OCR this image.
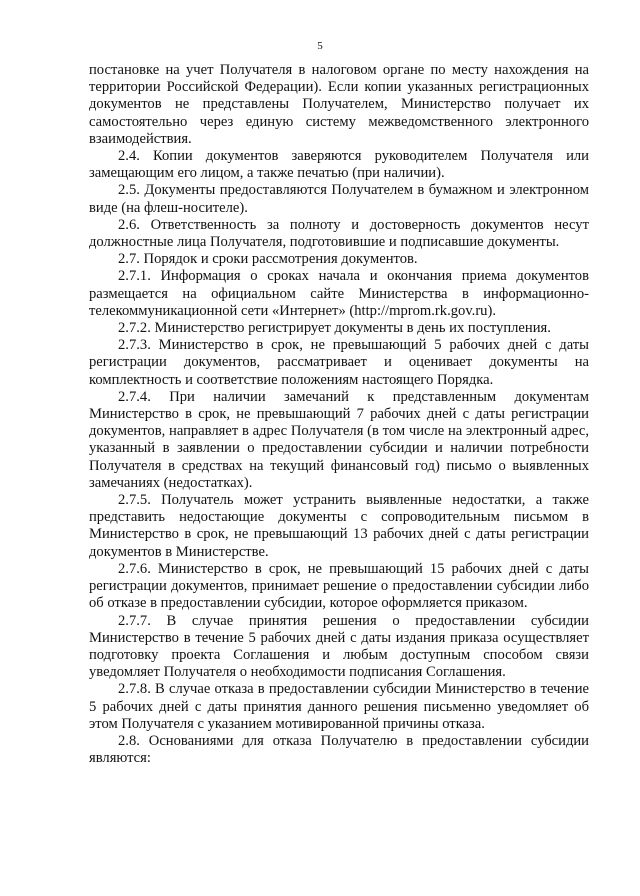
5

постановке на учет Получателя в налоговом органе по месту нахождения на территории Российской Федерации). Если копии указанных регистрационных документов не представлены Получателем, Министерство получает их самостоятельно через единую систему межведомственного электронного взаимодействия.

2.4. Копии документов заверяются руководителем Получателя или замещающим его лицом, а также печатью (при наличии).

2.5. Документы предоставляются Получателем в бумажном и электронном виде (на флеш-носителе).

2.6. Ответственность за полноту и достоверность документов несут должностные лица Получателя, подготовившие и подписавшие документы.

2.7. Порядок и сроки рассмотрения документов.

2.7.1. Информация о сроках начала и окончания приема документов размещается на официальном сайте Министерства в информационно-телекоммуникационной сети «Интернет» (http://mprom.rk.gov.ru).

2.7.2. Министерство регистрирует документы в день их поступления.

2.7.3. Министерство в срок, не превышающий 5 рабочих дней с даты регистрации документов, рассматривает и оценивает документы на комплектность и соответствие положениям настоящего Порядка.

2.7.4. При наличии замечаний к представленным документам Министерство в срок, не превышающий 7 рабочих дней с даты регистрации документов, направляет в адрес Получателя (в том числе на электронный адрес, указанный в заявлении о предоставлении субсидии и наличии потребности Получателя в средствах на текущий финансовый год) письмо о выявленных замечаниях (недостатках).

2.7.5. Получатель может устранить выявленные недостатки, а также представить недостающие документы с сопроводительным письмом в Министерство в срок, не превышающий 13 рабочих дней с даты регистрации документов в Министерстве.

2.7.6. Министерство в срок, не превышающий 15 рабочих дней с даты регистрации документов, принимает решение о предоставлении субсидии либо об отказе в предоставлении субсидии, которое оформляется приказом.

2.7.7. В случае принятия решения о предоставлении субсидии Министерство в течение 5 рабочих дней с даты издания приказа осуществляет подготовку проекта Соглашения и любым доступным способом связи уведомляет Получателя о необходимости подписания Соглашения.

2.7.8. В случае отказа в предоставлении субсидии Министерство в течение 5 рабочих дней с даты принятия данного решения письменно уведомляет об этом Получателя с указанием мотивированной причины отказа.

2.8. Основаниями для отказа Получателю в предоставлении субсидии являются:
